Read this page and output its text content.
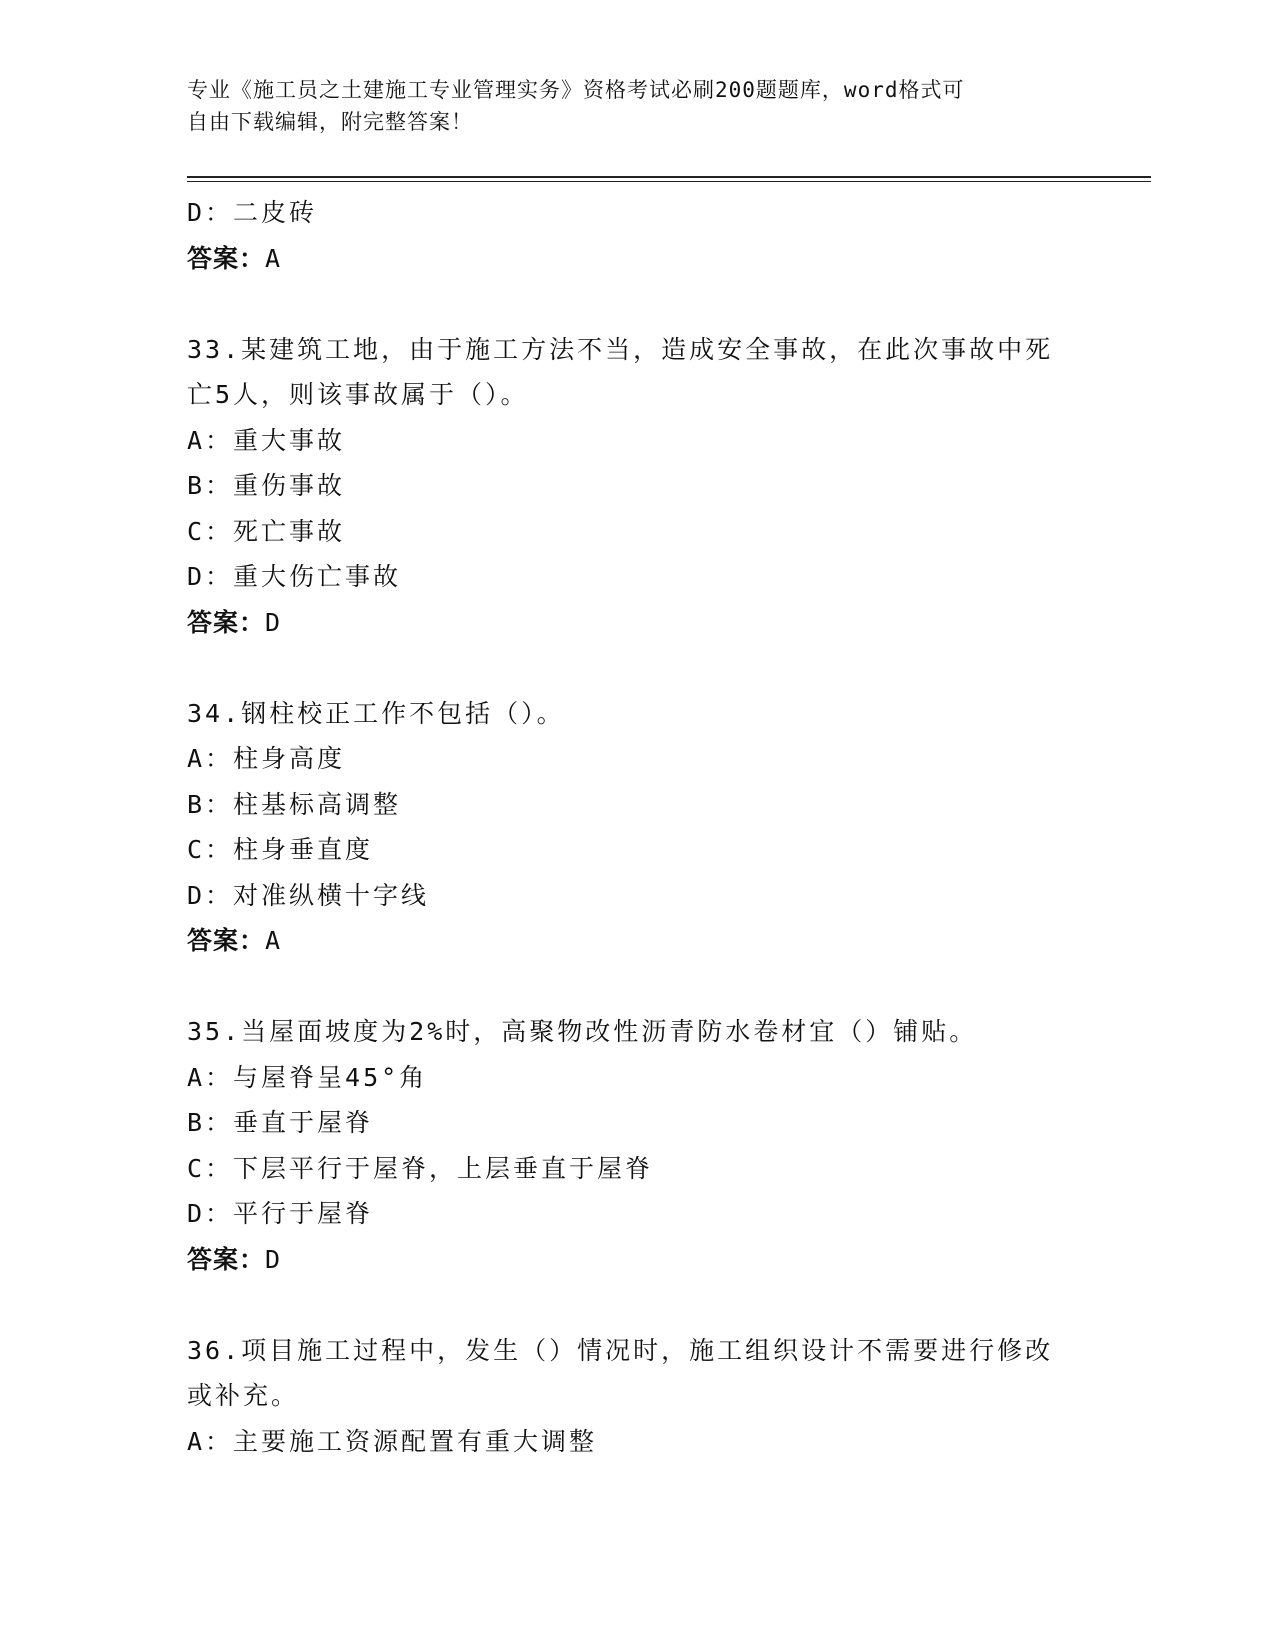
专业《施工员之土建施工专业管理实务》资格考试必刷200题题库，word格式可
自由下载编辑，附完整答案！
D：二皮砖
答案：A
33.某建筑工地，由于施工方法不当，造成安全事故，在此次事故中死
亡5人，则该事故属于（）。
A：重大事故
B：重伤事故
C：死亡事故
D：重大伤亡事故
答案：D
34.钢柱校正工作不包括（）。
A：柱身高度
B：柱基标高调整
C：柱身垂直度
D：对准纵横十字线
答案：A
35.当屋面坡度为2%时，高聚物改性沥青防水卷材宜（）铺贴。
A：与屋脊呈45°角
B：垂直于屋脊
C：下层平行于屋脊，上层垂直于屋脊
D：平行于屋脊
答案：D
36.项目施工过程中，发生（）情况时，施工组织设计不需要进行修改
或补充。
A：主要施工资源配置有重大调整
